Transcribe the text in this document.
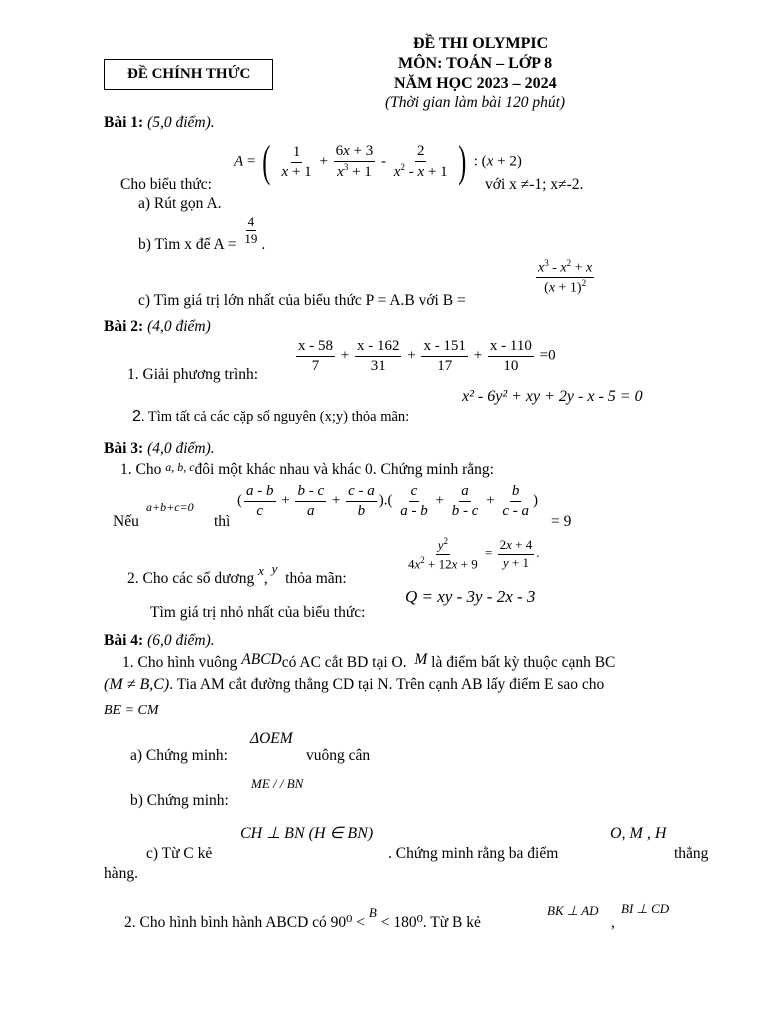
ĐỀ CHÍNH THỨC
ĐỀ THI OLYMPIC
MÔN: TOÁN – LỚP 8
NĂM HỌC 2023 – 2024
(Thời gian làm bài 120 phút)
Bài 1: (5,0 điểm).
A = ( $\frac{1}{x + 1} + \frac{6x + 3}{x^3 + 1} - \frac{2}{x^2 - x + 1}$ ) : (x + 2)
Cho biểu thức:	với x ≠-1; x≠-2.
a) Rút gọn A.
b) Tìm x để $A = \frac{4}{19}$ .
$\frac{x^3 - x^2 + x}{(x + 1)^2}$
c) Tìm giá trị lớn nhất của biểu thức P = A.B với B =
Bài 2: (4,0 điểm)
$\frac{x - 58}{7} + \frac{x - 162}{31} + \frac{x - 151}{17} + \frac{x - 110}{10} =0$
1. Giải phương trình:
x² - 6y² + xy + 2y - x - 5 = 0
2. Tìm tất cả các cặp số nguyên (x;y) thỏa mãn:
Bài 3: (4,0 điểm).
1. Cho a, b, cđôi một khác nhau và khác 0. Chứng minh rằng:
a+b+c=0
Nếu	thì
( $\frac{a - b}{c} + \frac{b - c}{a} + \frac{c - a}{b}$ ).( $\frac{c}{a - b} + \frac{a}{b - c} + \frac{b}{c - a}$ )
= 9
2. Cho các số dương $^x$, $^y$  thỏa mãn:
$\frac{y^2}{4x^2 + 12x + 9} = \frac{2x + 4}{y + 1}$ .
Tìm giá trị nhỏ nhất của biểu thức:
Q = xy - 3y - 2x - 3
Bài 4: (6,0 điểm).
1. Cho hình vuông ABCDcó AC cắt BD tại O. M là điểm bất kỳ thuộc cạnh BC
(M ≠ B,C). Tia AM cắt đường thẳng CD tại N. Trên cạnh AB lấy điểm E sao cho
BE = CM
a) Chứng minh:
ΔOEM
vuông cân
b) Chứng minh:
ME / / BN
CH ⊥ BN (H ∈ BN)	O, M , H
c) Từ C kẻ	. Chứng minh rằng ba điểm	thẳng
hàng.
2. Cho hình bình hành ABCD có 90⁰ < $^B$ < 180⁰. Từ B kẻ
BK ⊥ AD
,
BI ⊥ CD
